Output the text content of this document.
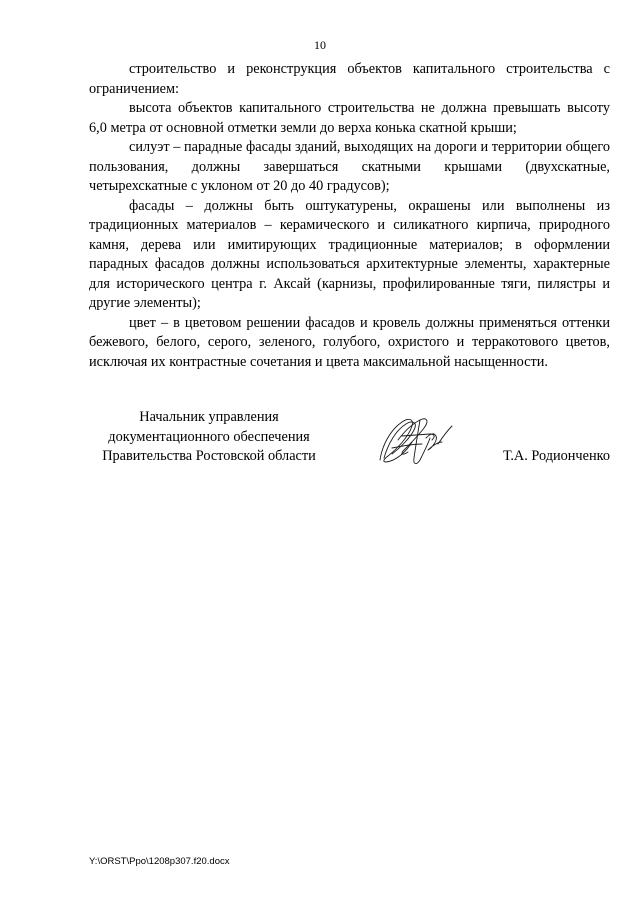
10

строительство и реконструкция объектов капитального строительства с ограничением:

высота объектов капитального строительства не должна превышать высоту 6,0 метра от основной отметки земли до верха конька скатной крыши;

силуэт – парадные фасады зданий, выходящих на дороги и территории общего пользования, должны завершаться скатными крышами (двухскатные, четырехскатные с уклоном от 20 до 40 градусов);

фасады – должны быть оштукатурены, окрашены или выполнены из традиционных материалов – керамического и силикатного кирпича, природного камня, дерева или имитирующих традиционные материалов; в оформлении парадных фасадов должны использоваться архитектурные элементы, характерные для исторического центра г. Аксай (карнизы, профилированные тяги, пилястры и другие элементы);

цвет – в цветовом решении фасадов и кровель должны применяться оттенки бежевого, белого, серого, зеленого, голубого, охристого и терракотового цветов, исключая их контрастные сочетания и цвета максимальной насыщенности.

Начальник управления
документационного обеспечения
Правительства Ростовской области	Т.А. Родионченко
Y:\ORST\Ppo\1208p307.f20.docx
